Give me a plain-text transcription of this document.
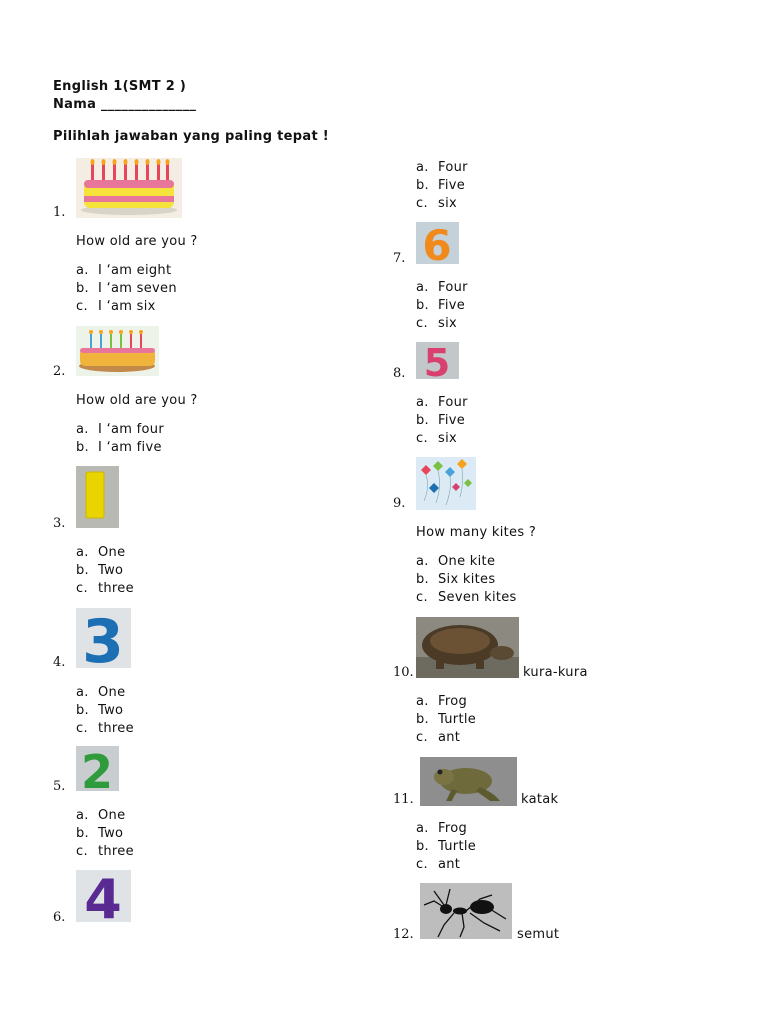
English 1(SMT 2 )
Nama ______________
Pilihlah jawaban yang paling tepat !
1.
How old are you ?
a. I ‘am eight
b. I ‘am seven
c. I ‘am six
2.
How old are you ?
a. I ‘am four
b. I ‘am five
3.
a. One
b. Two
c. three
3
4.
a. One
b. Two
c. three
2
5.
a. One
b. Two
c. three
4
6.
a. Four
b. Five
c. six
6
7.
a. Four
b. Five
c. six
5
8.
a. Four
b. Five
c. six
9.
How many kites ?
a. One kite
b. Six kites
c. Seven kites
10.	kura-kura
a. Frog
b. Turtle
c. ant
11.	katak
a. Frog
b. Turtle
c. ant
12.	semut
